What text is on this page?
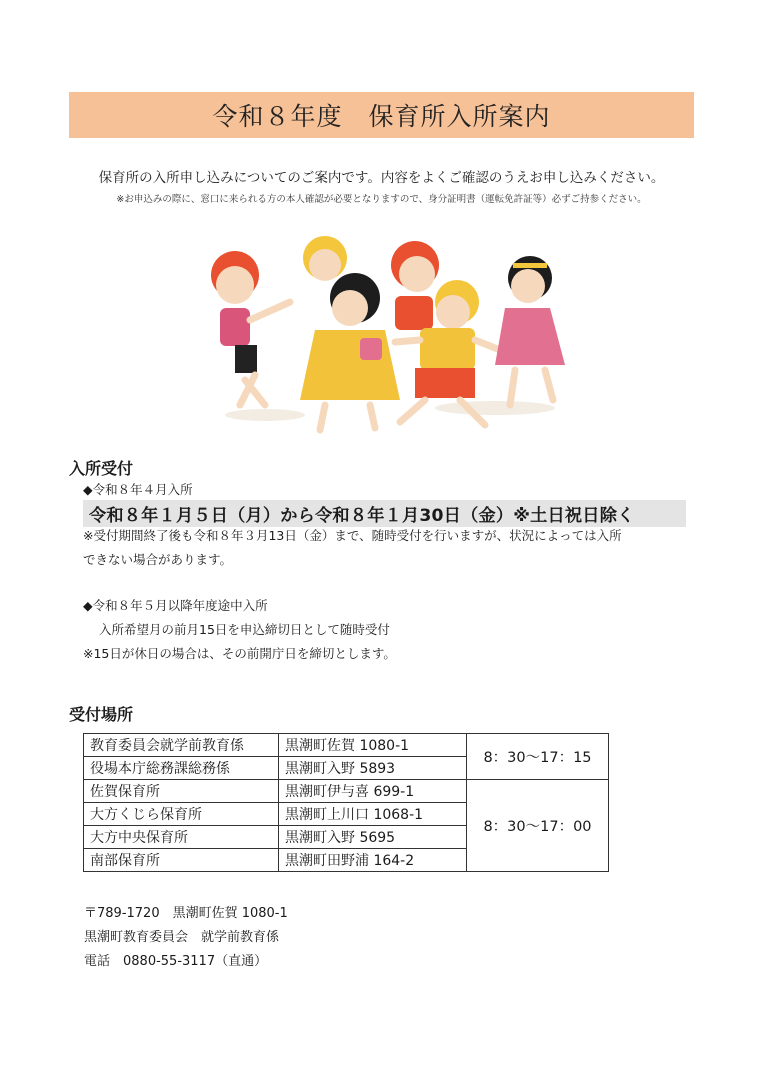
令和８年度　保育所入所案内
保育所の入所申し込みについてのご案内です。内容をよくご確認のうえお申し込みください。
※お申込みの際に、窓口に来られる方の本人確認が必要となりますので、身分証明書（運転免許証等）必ずご持参ください。
入所受付
◆令和８年４月入所
令和８年１月５日（月）から令和８年１月30日（金）※土日祝日除く
※受付期間終了後も令和８年３月13日（金）まで、随時受付を行いますが、状況によっては入所
できない場合があります。
◆令和８年５月以降年度途中入所
入所希望月の前月15日を申込締切日として随時受付
※15日が休日の場合は、その前開庁日を締切とします。
受付場所
教育委員会就学前教育係	黒潮町佐賀 1080-1	8：30〜17：15
役場本庁総務課総務係	黒潮町入野 5893	
佐賀保育所	黒潮町伊与喜 699-1	8：30〜17：00
大方くじら保育所	黒潮町上川口 1068-1	
大方中央保育所	黒潮町入野 5695	
南部保育所	黒潮町田野浦 164-2	
〒789-1720　黒潮町佐賀 1080-1
黒潮町教育委員会　就学前教育係
電話　0880-55-3117（直通）
